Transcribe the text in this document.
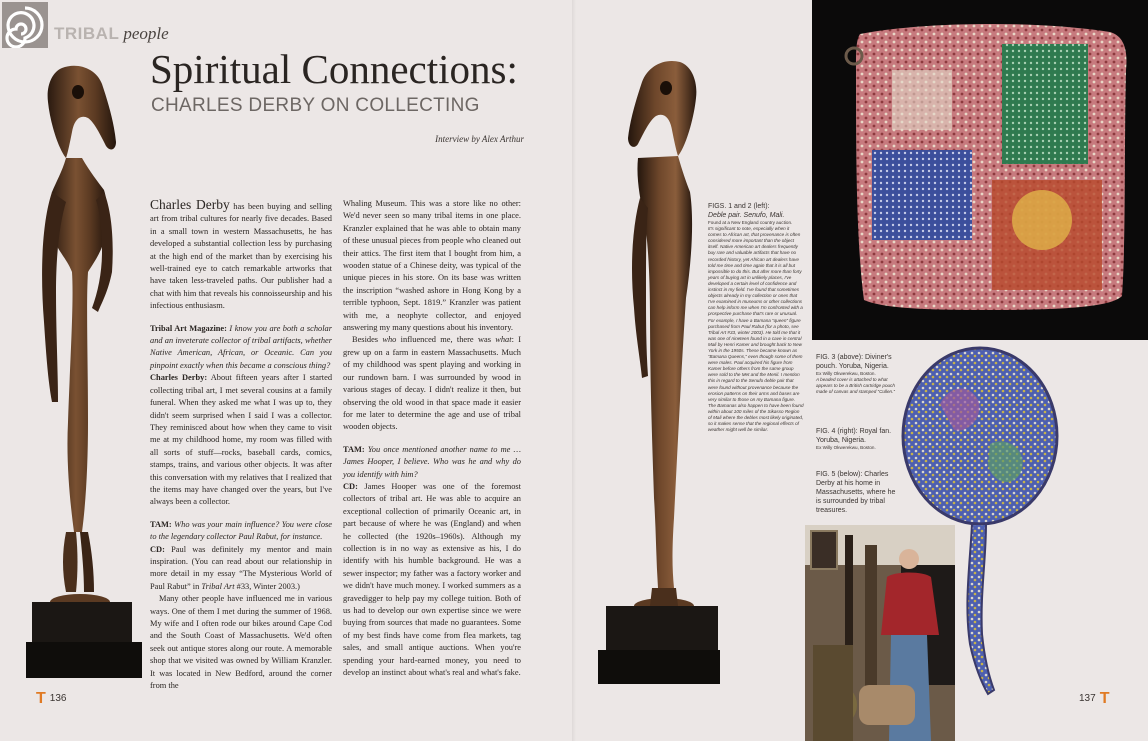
TRIBAL people
Spiritual Connections:
CHARLES DERBY ON COLLECTING
Interview by Alex Arthur

Charles Derby has been buying and selling art from tribal cultures for nearly five decades. Based in a small town in western Massachusetts, he has developed a substantial collection less by purchasing at the high end of the market than by exercising his well-trained eye to catch remarkable artworks that have taken less-traveled paths. Our publisher had a chat with him that reveals his connoisseurship and his infectious enthusiasm.

Tribal Art Magazine: I know you are both a scholar and an inveterate collector of tribal artifacts, whether Native American, African, or Oceanic. Can you pinpoint exactly when this became a conscious thing?

Charles Derby: About fifteen years after I started collecting tribal art, I met several cousins at a family funeral. When they asked me what I was up to, they didn't seem surprised when I said I was a collector. They reminisced about how when they came to visit me at my childhood home, my room was filled with all sorts of stuff—rocks, baseball cards, comics, stamps, trains, and various other objects. It was after this conversation with my relatives that I realized that the items may have changed over the years, but I've always been a collector.

TAM: Who was your main influence? You were close to the legendary collector Paul Rabut, for instance.

CD: Paul was definitely my mentor and main inspiration. (You can read about our relationship in more detail in my essay “The Mysterious World of Paul Rabut” in Tribal Art #33, Winter 2003.)

Many other people have influenced me in various ways. One of them I met during the summer of 1968. My wife and I often rode our bikes around Cape Cod and the South Coast of Massachusetts. We'd often seek out antique stores along our route. A memorable shop that we visited was owned by William Kranzler. It was located in New Bedford, around the corner from the

Whaling Museum. This was a store like no other: We'd never seen so many tribal items in one place. Kranzler explained that he was able to obtain many of these unusual pieces from people who cleaned out their attics. The first item that I bought from him, a wooden statue of a Chinese deity, was typical of the unique pieces in his store. On its base was written the inscription “washed ashore in Hong Kong by a terrible typhoon, Sept. 1819.” Kranzler was patient with me, a neophyte collector, and enjoyed answering my many questions about his inventory.

Besides who influenced me, there was what: I grew up on a farm in eastern Massachusetts. Much of my childhood was spent playing and working in our rundown barn. I was surrounded by wood in various stages of decay. I didn't realize it then, but observing the old wood in that space made it easier for me later to determine the age and use of tribal wooden objects.

TAM: You once mentioned another name to me … James Hooper, I believe. Who was he and why do you identify with him?

CD: James Hooper was one of the foremost collectors of tribal art. He was able to acquire an exceptional collection of primarily Oceanic art, in part because of where he was (England) and when he collected (the 1920s–1960s). Although my collection is in no way as extensive as his, I do identify with his humble background. He was a sewer inspector; my father was a factory worker and we didn't have much money. I worked summers as a gravedigger to help pay my college tuition. Both of us had to develop our own expertise since we were buying from sources that made no guarantees. Some of my best finds have come from flea markets, tag sales, and small antique auctions. When you're spending your hard-earned money, you need to develop an instinct about what's real and what's fake.

T 136
FIGS. 1 and 2 (left):
Deble pair. Senufo, Mali.
Found at a New England country auction.
It's significant to note, especially when it comes to African art, that provenance is often considered more important than the object itself. Native American art dealers frequently buy rare and valuable artifacts that have no recorded history, yet African art dealers have told me time and time again that it is all but impossible to do this. But after more than forty years of buying art in unlikely places, I've developed a certain level of confidence and instinct in my field. I've found that sometimes objects already in my collection or ones that I've examined in museums or other collections can help inform me when I'm confronted with a prospective purchase that's rare or unusual. For example, I have a Bamana “queen” figure purchased from Paul Rabut (for a photo, see Tribal Art #33, winter 2003). He told me that it was one of nineteen found in a cave in central Mali by Henri Kamer and brought back to New York in the 1950s. These became known as “Bamana Queens,” even though some of them were males. Paul acquired his figure from Kamer before others from the same group were sold to the Met and the Menil. I mention this in regard to the Senufo deble pair that were found without provenance because the erosion patterns on their arms and bases are very similar to those on my Bamana figure. The Bamanas also happen to have been found within about 100 miles of the Sikasso Region of Mali where the debles most likely originated, so it makes sense that the regional effects of weather might well be similar.
FIG. 3 (above): Diviner's pouch. Yoruba, Nigeria.
Ex Willy Okwerekwu, Boston.
A beaded cover is attached to what appears to be a British cartridge pouch made of canvas and stamped “Cullen.”
FIG. 4 (right): Royal fan. Yoruba, Nigeria.
Ex Willy Okwerekwu, Boston.
FIG. 5 (below): Charles Derby at his home in Massachusetts, where he is surrounded by tribal treasures.
137 T
